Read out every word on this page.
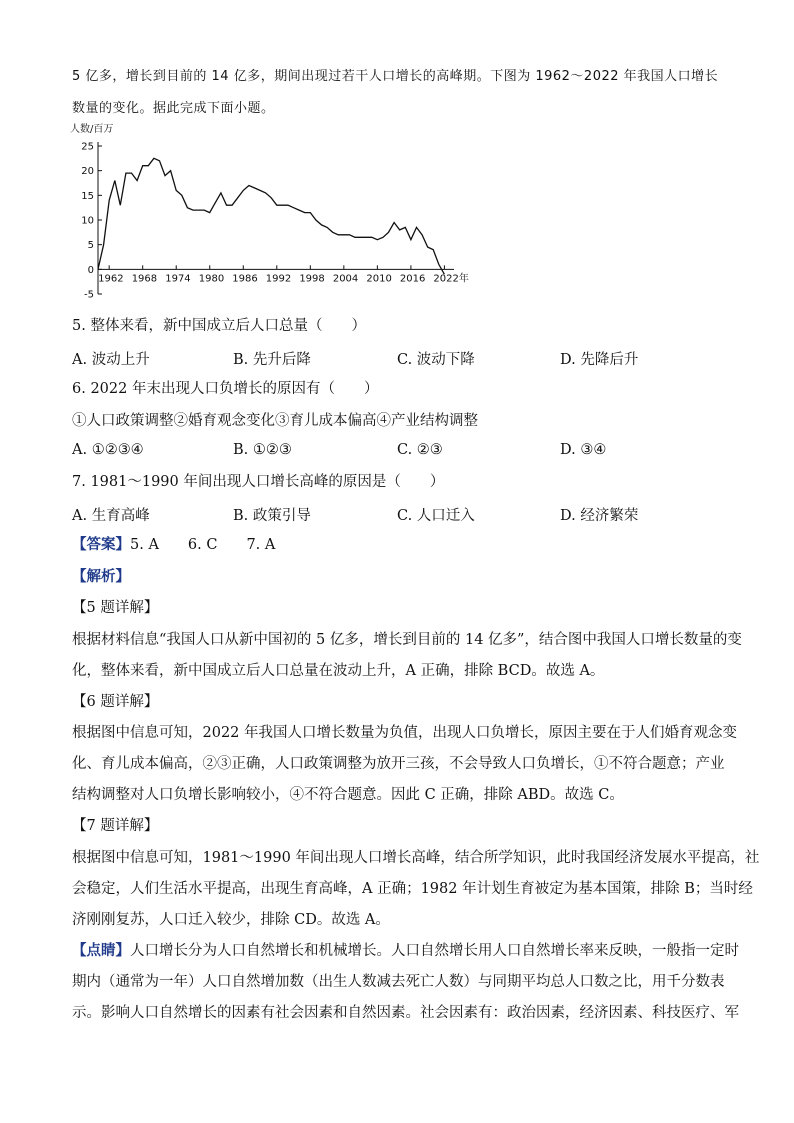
5 亿多，增长到目前的 14 亿多，期间出现过若干人口增长的高峰期。下图为 1962～2022 年我国人口增长
数量的变化。据此完成下面小题。
人数/百万
-5
0
5
10
15
20
25
1962 1968 1974 1980 1986 1992 1998 2004 2010 2016 2022年
5. 整体来看，新中国成立后人口总量（　　）
A. 波动上升	B. 先升后降	C. 波动下降	D. 先降后升
6. 2022 年末出现人口负增长的原因有（　　）
①人口政策调整②婚育观念变化③育儿成本偏高④产业结构调整
A. ①②③④	B. ①②③	C. ②③	D. ③④
7. 1981～1990 年间出现人口增长高峰的原因是（　　）
A. 生育高峰	B. 政策引导	C. 人口迁入	D. 经济繁荣
【答案】5. A　　6. C　　7. A
【解析】
【5 题详解】
根据材料信息“我国人口从新中国初的 5 亿多，增长到目前的 14 亿多”，结合图中我国人口增长数量的变
化，整体来看，新中国成立后人口总量在波动上升，A 正确，排除 BCD。故选 A。
【6 题详解】
根据图中信息可知，2022 年我国人口增长数量为负值，出现人口负增长，原因主要在于人们婚育观念变
化、育儿成本偏高，②③正确，人口政策调整为放开三孩，不会导致人口负增长，①不符合题意；产业
结构调整对人口负增长影响较小，④不符合题意。因此 C 正确，排除 ABD。故选 C。
【7 题详解】
根据图中信息可知，1981～1990 年间出现人口增长高峰，结合所学知识，此时我国经济发展水平提高，社
会稳定，人们生活水平提高，出现生育高峰，A 正确；1982 年计划生育被定为基本国策，排除 B；当时经
济刚刚复苏，人口迁入较少，排除 CD。故选 A。
【点睛】人口增长分为人口自然增长和机械增长。人口自然增长用人口自然增长率来反映，一般指一定时
期内（通常为一年）人口自然增加数（出生人数减去死亡人数）与同期平均总人口数之比，用千分数表
示。影响人口自然增长的因素有社会因素和自然因素。社会因素有：政治因素，经济因素、科技医疗、军
